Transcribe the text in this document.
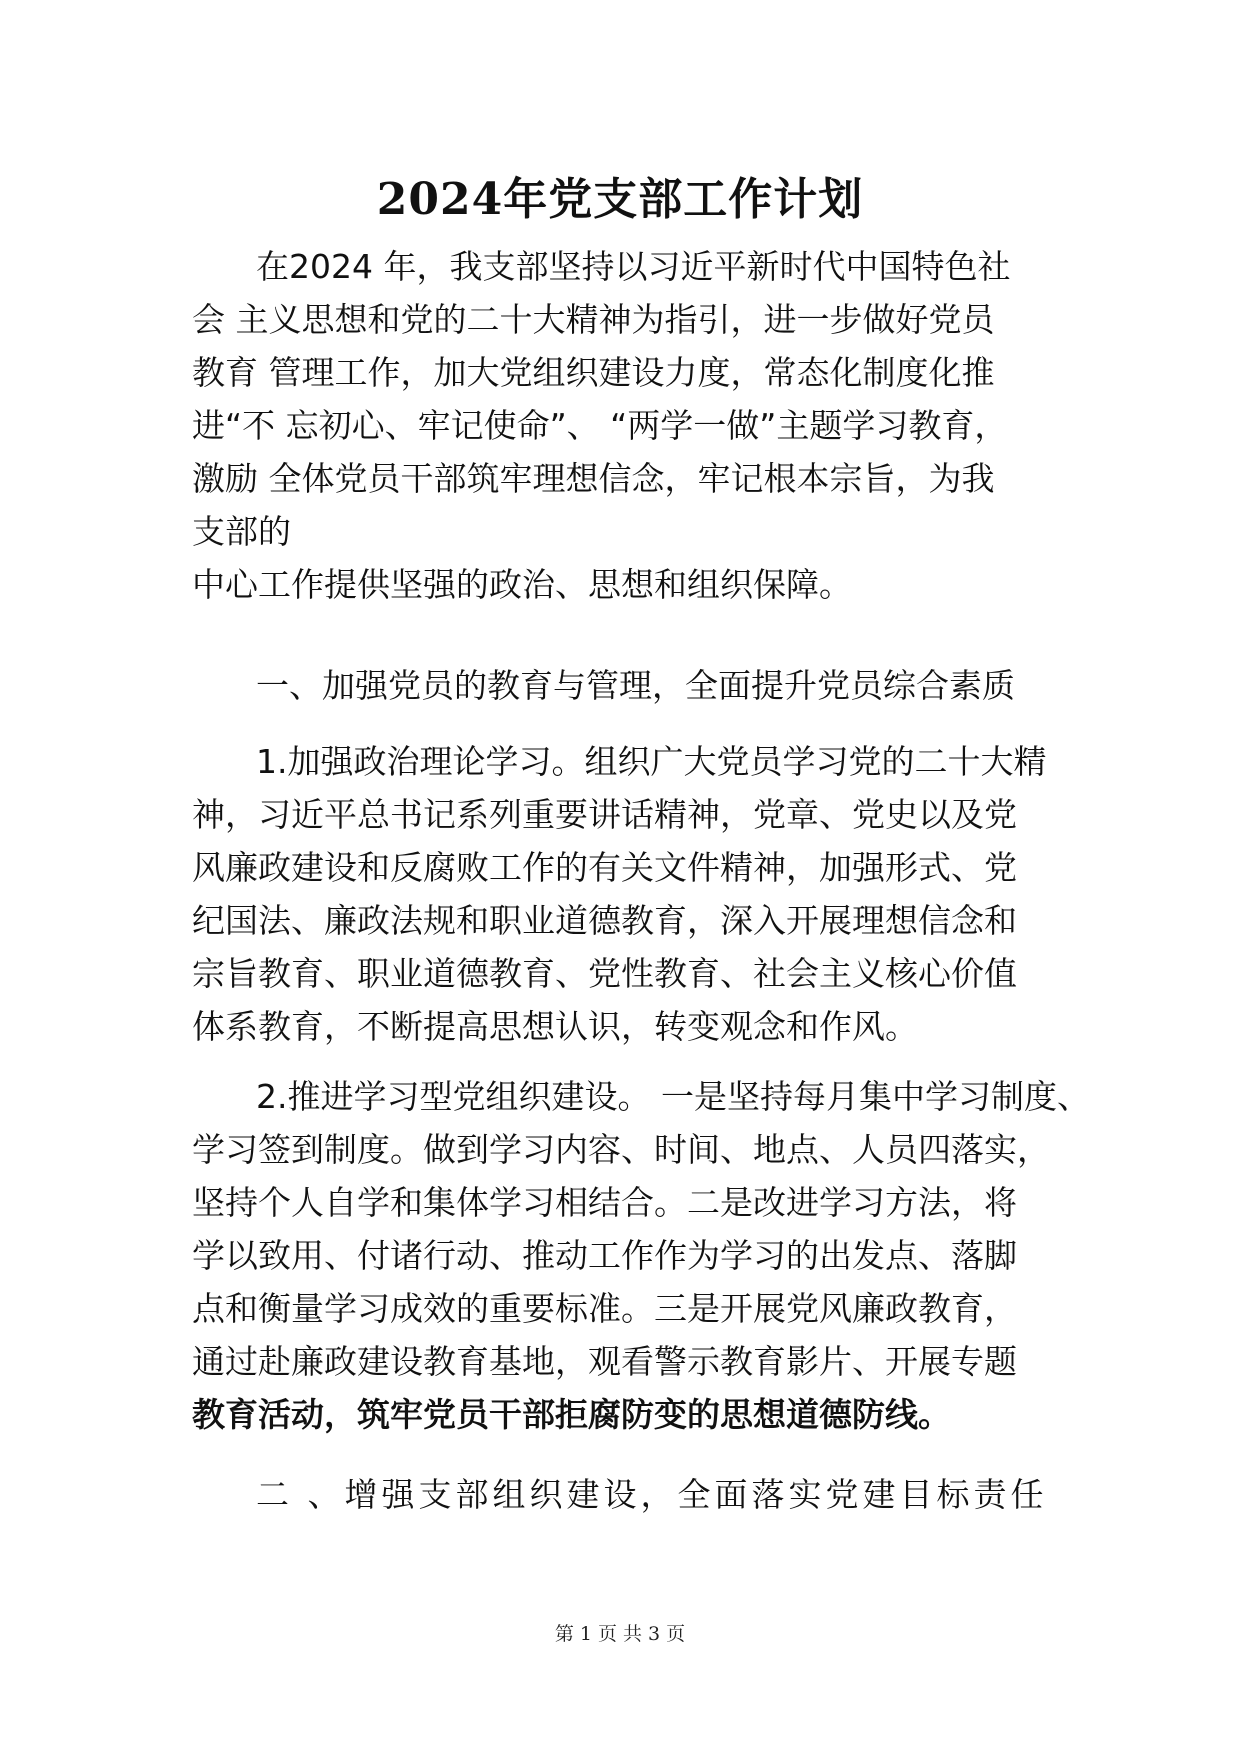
2024年党支部工作计划
在2024 年，我支部坚持以习近平新时代中国特色社
会 主义思想和党的二十大精神为指引，进一步做好党员
教育 管理工作，加大党组织建设力度，常态化制度化推
进“不 忘初心、牢记使命”、 “两学一做”主题学习教育，
激励 全体党员干部筑牢理想信念，牢记根本宗旨，为我
支部的
中心工作提供坚强的政治、思想和组织保障。
一、加强党员的教育与管理，全面提升党员综合素质
1.加强政治理论学习。组织广大党员学习党的二十大精
神，习近平总书记系列重要讲话精神，党章、党史以及党
风廉政建设和反腐败工作的有关文件精神，加强形式、党
纪国法、廉政法规和职业道德教育，深入开展理想信念和
宗旨教育、职业道德教育、党性教育、社会主义核心价值
体系教育，不断提高思想认识，转变观念和作风。
2.推进学习型党组织建设。 一是坚持每月集中学习制度、
学习签到制度。做到学习内容、时间、地点、人员四落实，
坚持个人自学和集体学习相结合。二是改进学习方法，将
学以致用、付诸行动、推动工作作为学习的出发点、落脚
点和衡量学习成效的重要标准。三是开展党风廉政教育，
通过赴廉政建设教育基地，观看警示教育影片、开展专题
教育活动，筑牢党员干部拒腐防变的思想道德防线。
二 、增强支部组织建设，全面落实党建目标责任
第 1 页 共 3 页
